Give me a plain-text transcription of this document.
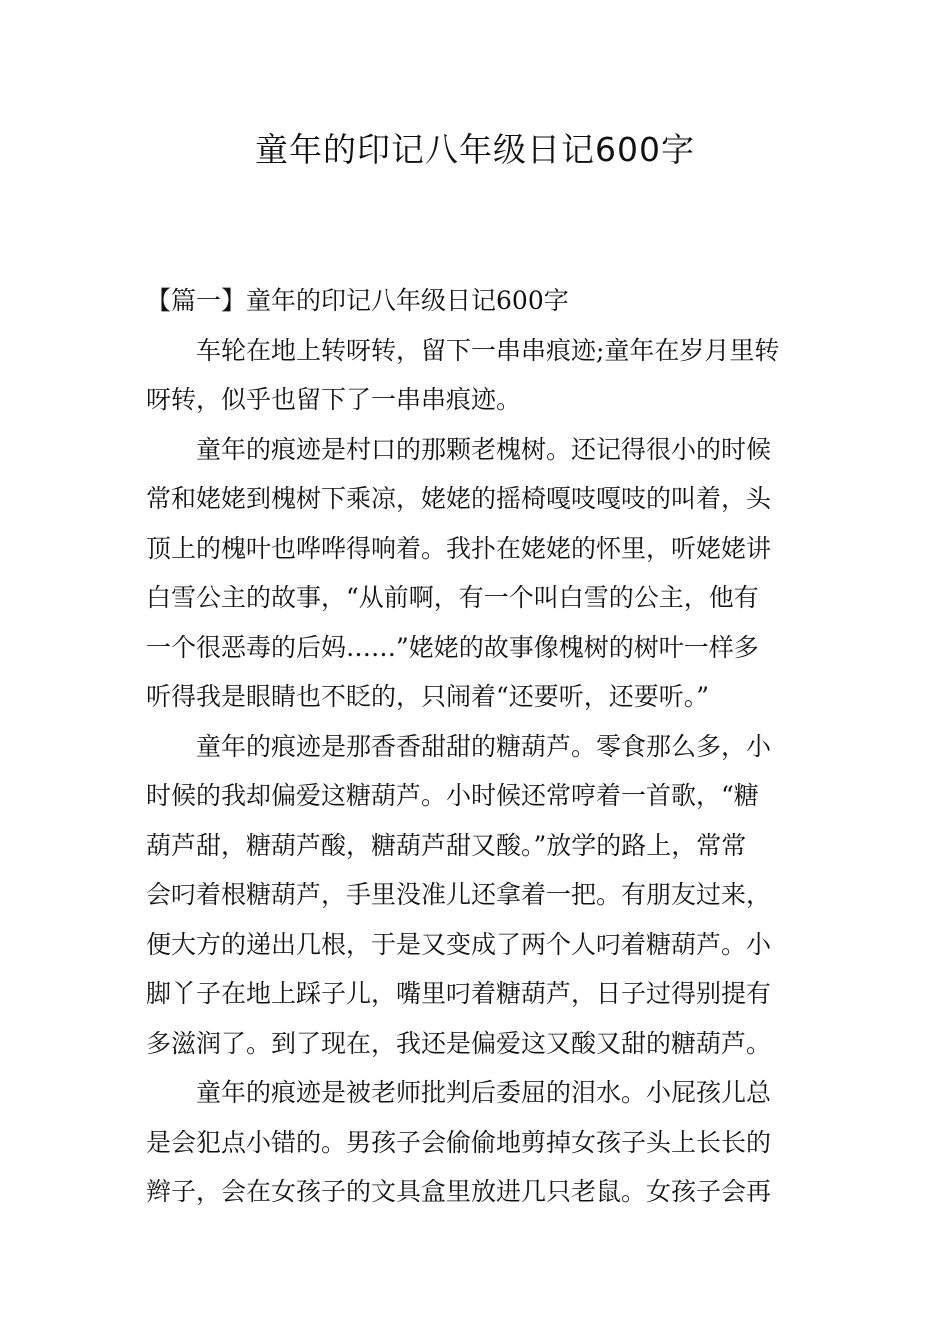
童年的印记八年级日记600字
【篇一】童年的印记八年级日记600字

车轮在地上转呀转，留下一串串痕迹;童年在岁月里转
呀转，似乎也留下了一串串痕迹。

童年的痕迹是村口的那颗老槐树。还记得很小的时候
常和姥姥到槐树下乘凉，姥姥的摇椅嘎吱嘎吱的叫着，头
顶上的槐叶也哗哗得响着。我扑在姥姥的怀里，听姥姥讲
白雪公主的故事，“从前啊，有一个叫白雪的公主，他有
一个很恶毒的后妈……”姥姥的故事像槐树的树叶一样多
听得我是眼睛也不眨的，只闹着“还要听，还要听。”

童年的痕迹是那香香甜甜的糖葫芦。零食那么多，小
时候的我却偏爱这糖葫芦。小时候还常哼着一首歌，“糖
葫芦甜，糖葫芦酸，糖葫芦甜又酸。”放学的路上，常常
会叼着根糖葫芦，手里没准儿还拿着一把。有朋友过来，
便大方的递出几根，于是又变成了两个人叼着糖葫芦。小
脚丫子在地上踩子儿，嘴里叼着糖葫芦，日子过得别提有
多滋润了。到了现在，我还是偏爱这又酸又甜的糖葫芦。

童年的痕迹是被老师批判后委屈的泪水。小屁孩儿总
是会犯点小错的。男孩子会偷偷地剪掉女孩子头上长长的
辫子，会在女孩子的文具盒里放进几只老鼠。女孩子会再
